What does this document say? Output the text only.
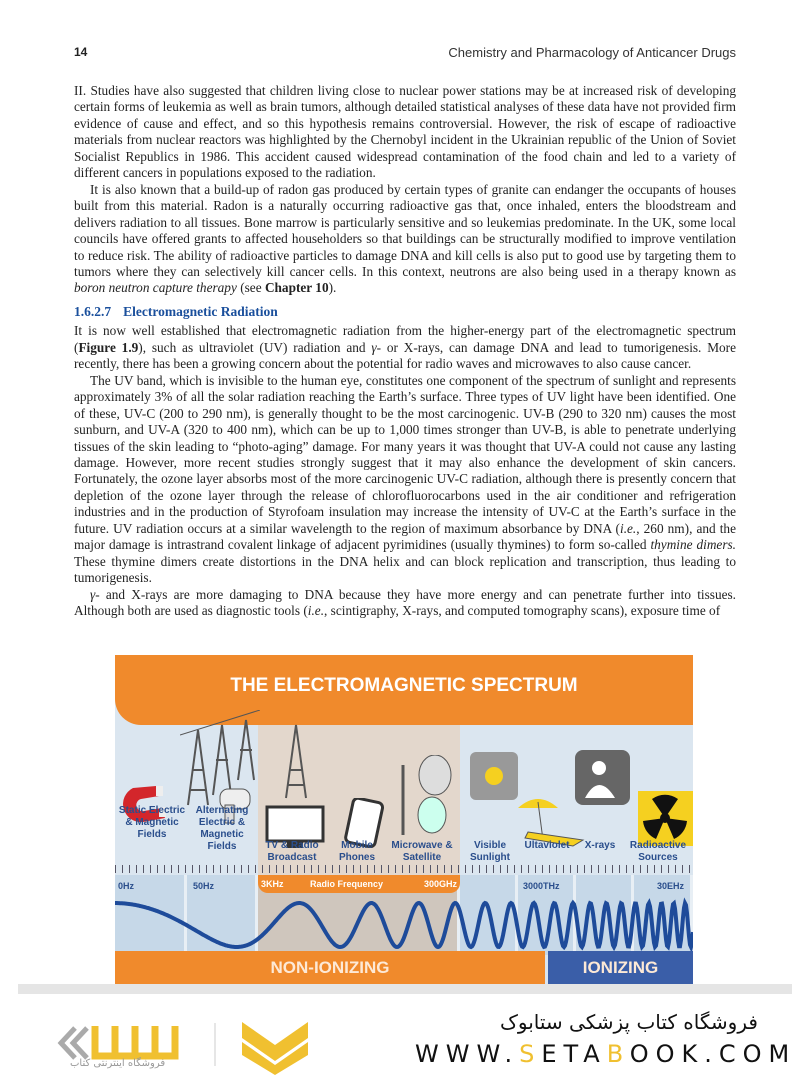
14	Chemistry and Pharmacology of Anticancer Drugs

II. Studies have also suggested that children living close to nuclear power stations may be at increased risk of developing certain forms of leukemia as well as brain tumors, although detailed statistical analyses of these data have not provided firm evidence of cause and effect, and so this hypothesis remains controversial. However, the risk of escape of radioactive materials from nuclear reactors was highlighted by the Chernobyl incident in the Ukrainian republic of the Union of Soviet Socialist Republics in 1986. This accident caused widespread contamination of the food chain and led to a variety of different cancers in populations exposed to the radiation.

It is also known that a build-up of radon gas produced by certain types of granite can endanger the occupants of houses built from this material. Radon is a naturally occurring radioactive gas that, once inhaled, enters the bloodstream and delivers radiation to all tissues. Bone marrow is particularly sensitive and so leukemias predominate. In the UK, some local councils have offered grants to affected householders so that buildings can be structurally modified to improve ventilation to reduce risk. The ability of radioactive particles to damage DNA and kill cells is also put to good use by targeting them to tumors where they can selectively kill cancer cells. In this context, neutrons are also being used in a therapy known as boron neutron capture therapy (see Chapter 10).

1.6.2.7 Electromagnetic Radiation

It is now well established that electromagnetic radiation from the higher-energy part of the electromagnetic spectrum (Figure 1.9), such as ultraviolet (UV) radiation and γ- or X-rays, can damage DNA and lead to tumorigenesis. More recently, there has been a growing concern about the potential for radio waves and microwaves to also cause cancer.

The UV band, which is invisible to the human eye, constitutes one component of the spectrum of sunlight and represents approximately 3% of all the solar radiation reaching the Earth’s surface. Three types of UV light have been identified. One of these, UV-C (200 to 290 nm), is generally thought to be the most carcinogenic. UV-B (290 to 320 nm) causes the most sunburn, and UV-A (320 to 400 nm), which can be up to 1,000 times stronger than UV-B, is able to penetrate underlying tissues of the skin leading to “photo-aging” damage. For many years it was thought that UV-A could not cause any lasting damage. However, more recent studies strongly suggest that it may also enhance the development of skin cancers. Fortunately, the ozone layer absorbs most of the more carcinogenic UV-C radiation, although there is presently concern that depletion of the ozone layer through the release of chlorofluorocarbons used in the air conditioner and refrigeration industries and in the production of Styrofoam insulation may increase the intensity of UV-C at the Earth’s surface in the future. UV radiation occurs at a similar wavelength to the region of maximum absorbance by DNA (i.e., 260 nm), and the major damage is intrastrand covalent linkage of adjacent pyrimidines (usually thymines) to form so-called thymine dimers. These thymine dimers create distortions in the DNA helix and can block replication and transcription, thus leading to tumorigenesis.

γ- and X-rays are more damaging to DNA because they have more energy and can penetrate further into tissues. Although both are used as diagnostic tools (i.e., scintigraphy, X-rays, and computed tomography scans), exposure time of

THE ELECTROMAGNETIC SPECTRUM
Static Electric & Magnetic Fields
Alternating Electric & Magnetic Fields	TV & Radio Broadcast
Mobile Phones
Microwave & Satellite
Visible Sunlight
Ultaviolet	X-rays	Radioactive Sources
3KHz	Radio Frequency	300GHz
0Hz	50Hz	3000THz	30EHz
NON-IONIZING	IONIZING
فروشگاه اینترنتی کتاب
فروشگاه کتاب پزشکی ستابوک
WWW.SETABOOK.COM
